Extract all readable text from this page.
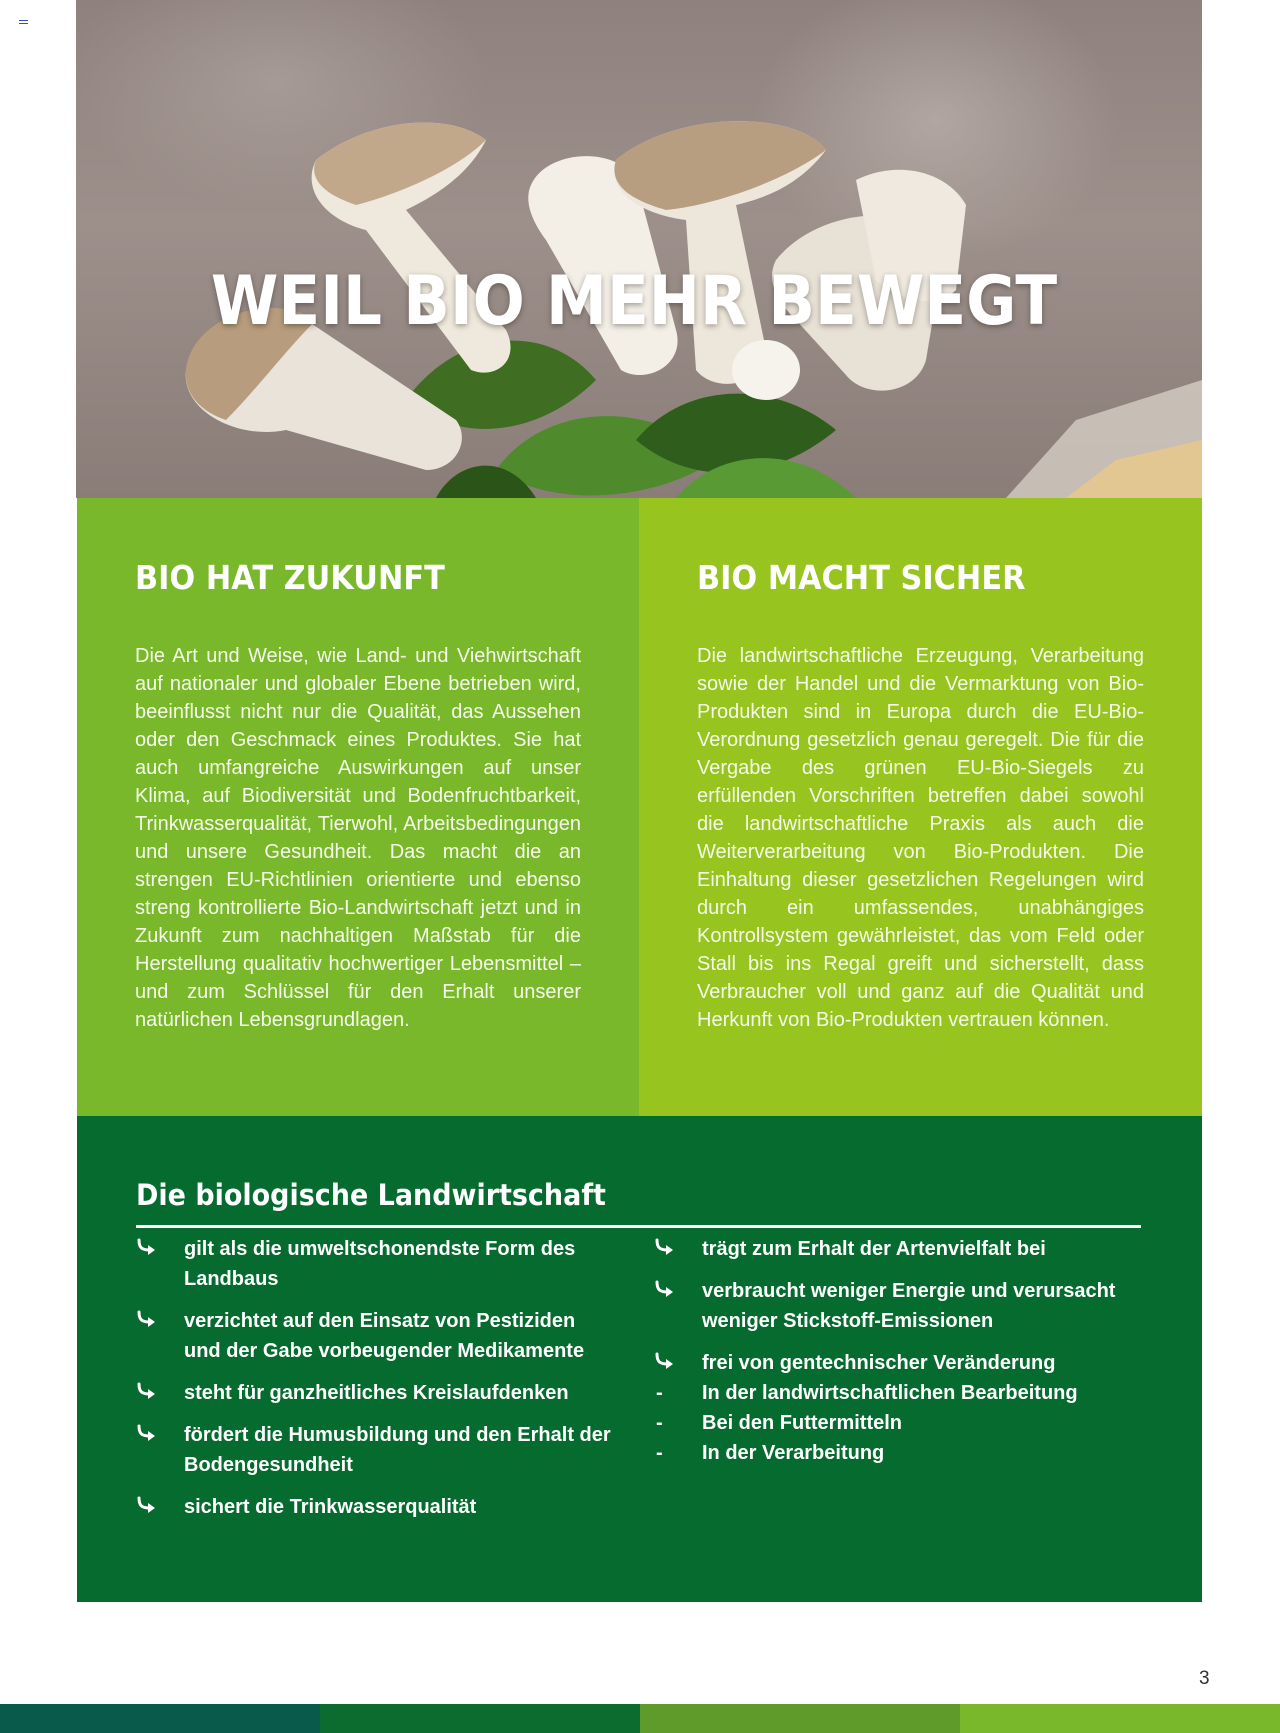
WEIL BIO MEHR BEWEGT
BIO HAT ZUKUNFT

Die Art und Weise, wie Land- und Viehwirtschaft auf nationaler und globaler Ebene betrieben wird, beeinflusst nicht nur die Qualität, das Aussehen oder den Geschmack eines Produktes. Sie hat auch umfangreiche Auswirkungen auf unser Klima, auf Biodiversität und Bodenfruchtbarkeit, Trinkwasserqualität, Tierwohl, Arbeitsbedingungen und unsere Gesundheit. Das macht die an strengen EU-Richtlinien orientierte und ebenso streng kontrollierte Bio-Landwirtschaft jetzt und in Zukunft zum nachhaltigen Maßstab für die Herstellung qualitativ hochwertiger Lebensmittel – und zum Schlüssel für den Erhalt unserer natürlichen Lebensgrundlagen.

BIO MACHT SICHER

Die landwirtschaftliche Erzeugung, Verarbeitung sowie der Handel und die Vermarktung von Bio-Produkten sind in Europa durch die EU-Bio-Verordnung gesetzlich genau geregelt. Die für die Vergabe des grünen EU-Bio-Siegels zu erfüllenden Vorschriften betreffen dabei sowohl die landwirtschaftliche Praxis als auch die Weiterverarbeitung von Bio-Produkten. Die Einhaltung dieser gesetzlichen Regelungen wird durch ein umfassendes, unabhängiges Kontrollsystem gewährleistet, das vom Feld oder Stall bis ins Regal greift und sicherstellt, dass Verbraucher voll und ganz auf die Qualität und Herkunft von Bio-Produkten vertrauen können.

Die biologische Landwirtschaft
gilt als die umweltschonendste Form des Landbaus
verzichtet auf den Einsatz von Pestiziden und der Gabe vorbeugender Medikamente
steht für ganzheitliches Kreislaufdenken
fördert die Humusbildung und den Erhalt der Bodengesundheit
sichert die Trinkwasserqualität
trägt zum Erhalt der Artenvielfalt bei
verbraucht weniger Energie und verursacht weniger Stickstoff-Emissionen
frei von gentechnischer Veränderung
-	In der landwirtschaftlichen Bearbeitung
-	Bei den Futtermitteln
-	In der Verarbeitung
3
